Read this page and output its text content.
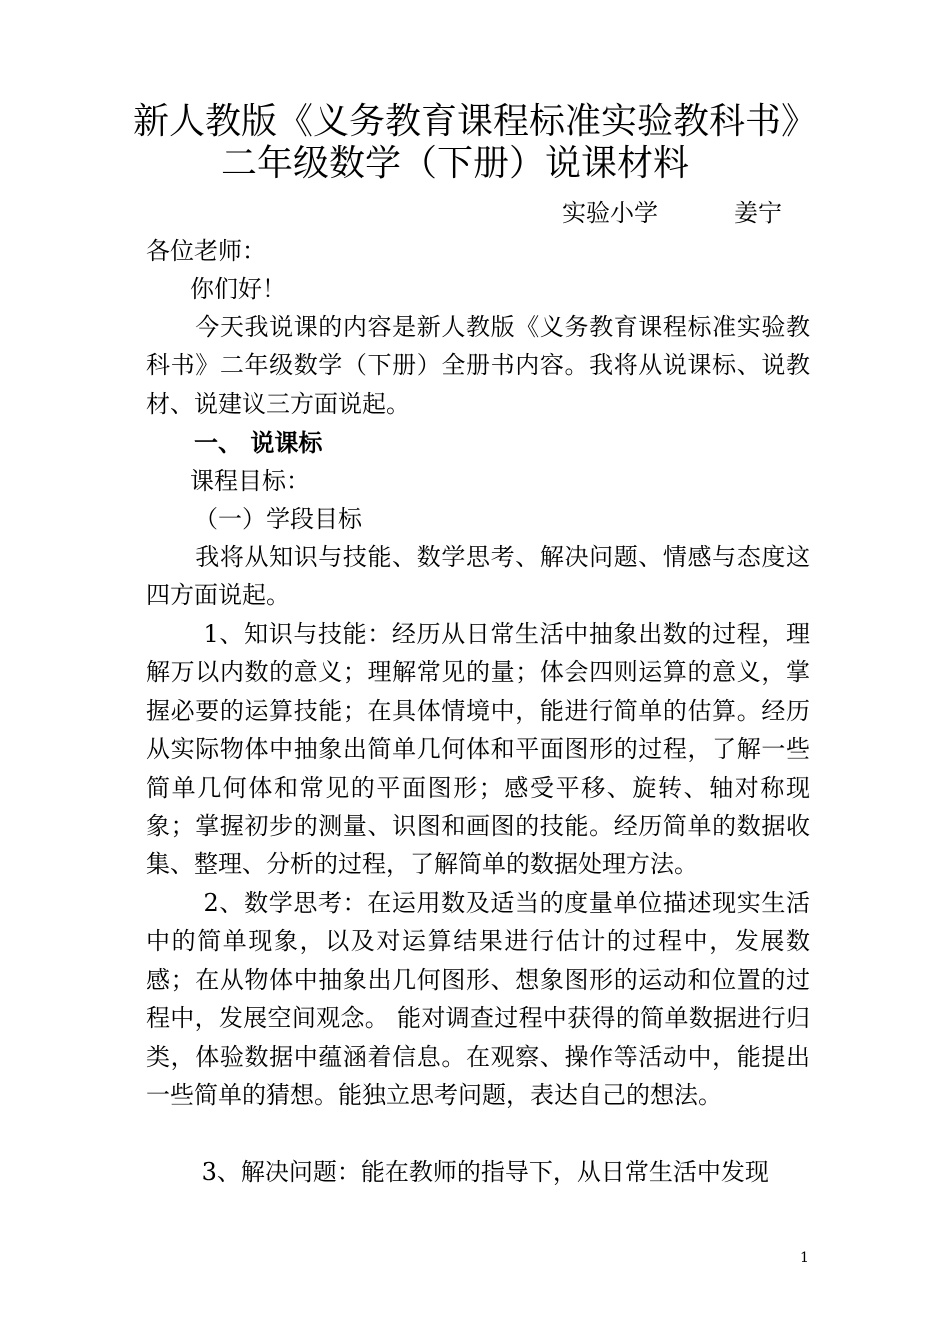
新人教版《义务教育课程标准实验教科书》
二年级数学（下册）说课材料
实验小学	姜宁
各位老师：
你们好！
　　今天我说课的内容是新人教版《义务教育课程标准实验教科书》二年级数学（下册）全册书内容。我将从说课标、说教材、说建议三方面说起。
一、 说课标
课程目标：
（一）学段目标
　　我将从知识与技能、数学思考、解决问题、情感与态度这四方面说起。
　　 1、知识与技能：经历从日常生活中抽象出数的过程，理解万以内数的意义；理解常见的量；体会四则运算的意义，掌握必要的运算技能；在具体情境中，能进行简单的估算。经历从实际物体中抽象出简单几何体和平面图形的过程，了解一些简单几何体和常见的平面图形；感受平移、旋转、轴对称现象；掌握初步的测量、识图和画图的技能。经历简单的数据收集、整理、分析的过程，了解简单的数据处理方法。
　　 2、数学思考：在运用数及适当的度量单位描述现实生活中的简单现象，以及对运算结果进行估计的过程中，发展数感；在从物体中抽象出几何图形、想象图形的运动和位置的过程中，发展空间观念。 能对调查过程中获得的简单数据进行归类，体验数据中蕴涵着信息。在观察、操作等活动中，能提出一些简单的猜想。能独立思考问题，表达自己的想法。
　　 3、解决问题：能在教师的指导下，从日常生活中发现
1
